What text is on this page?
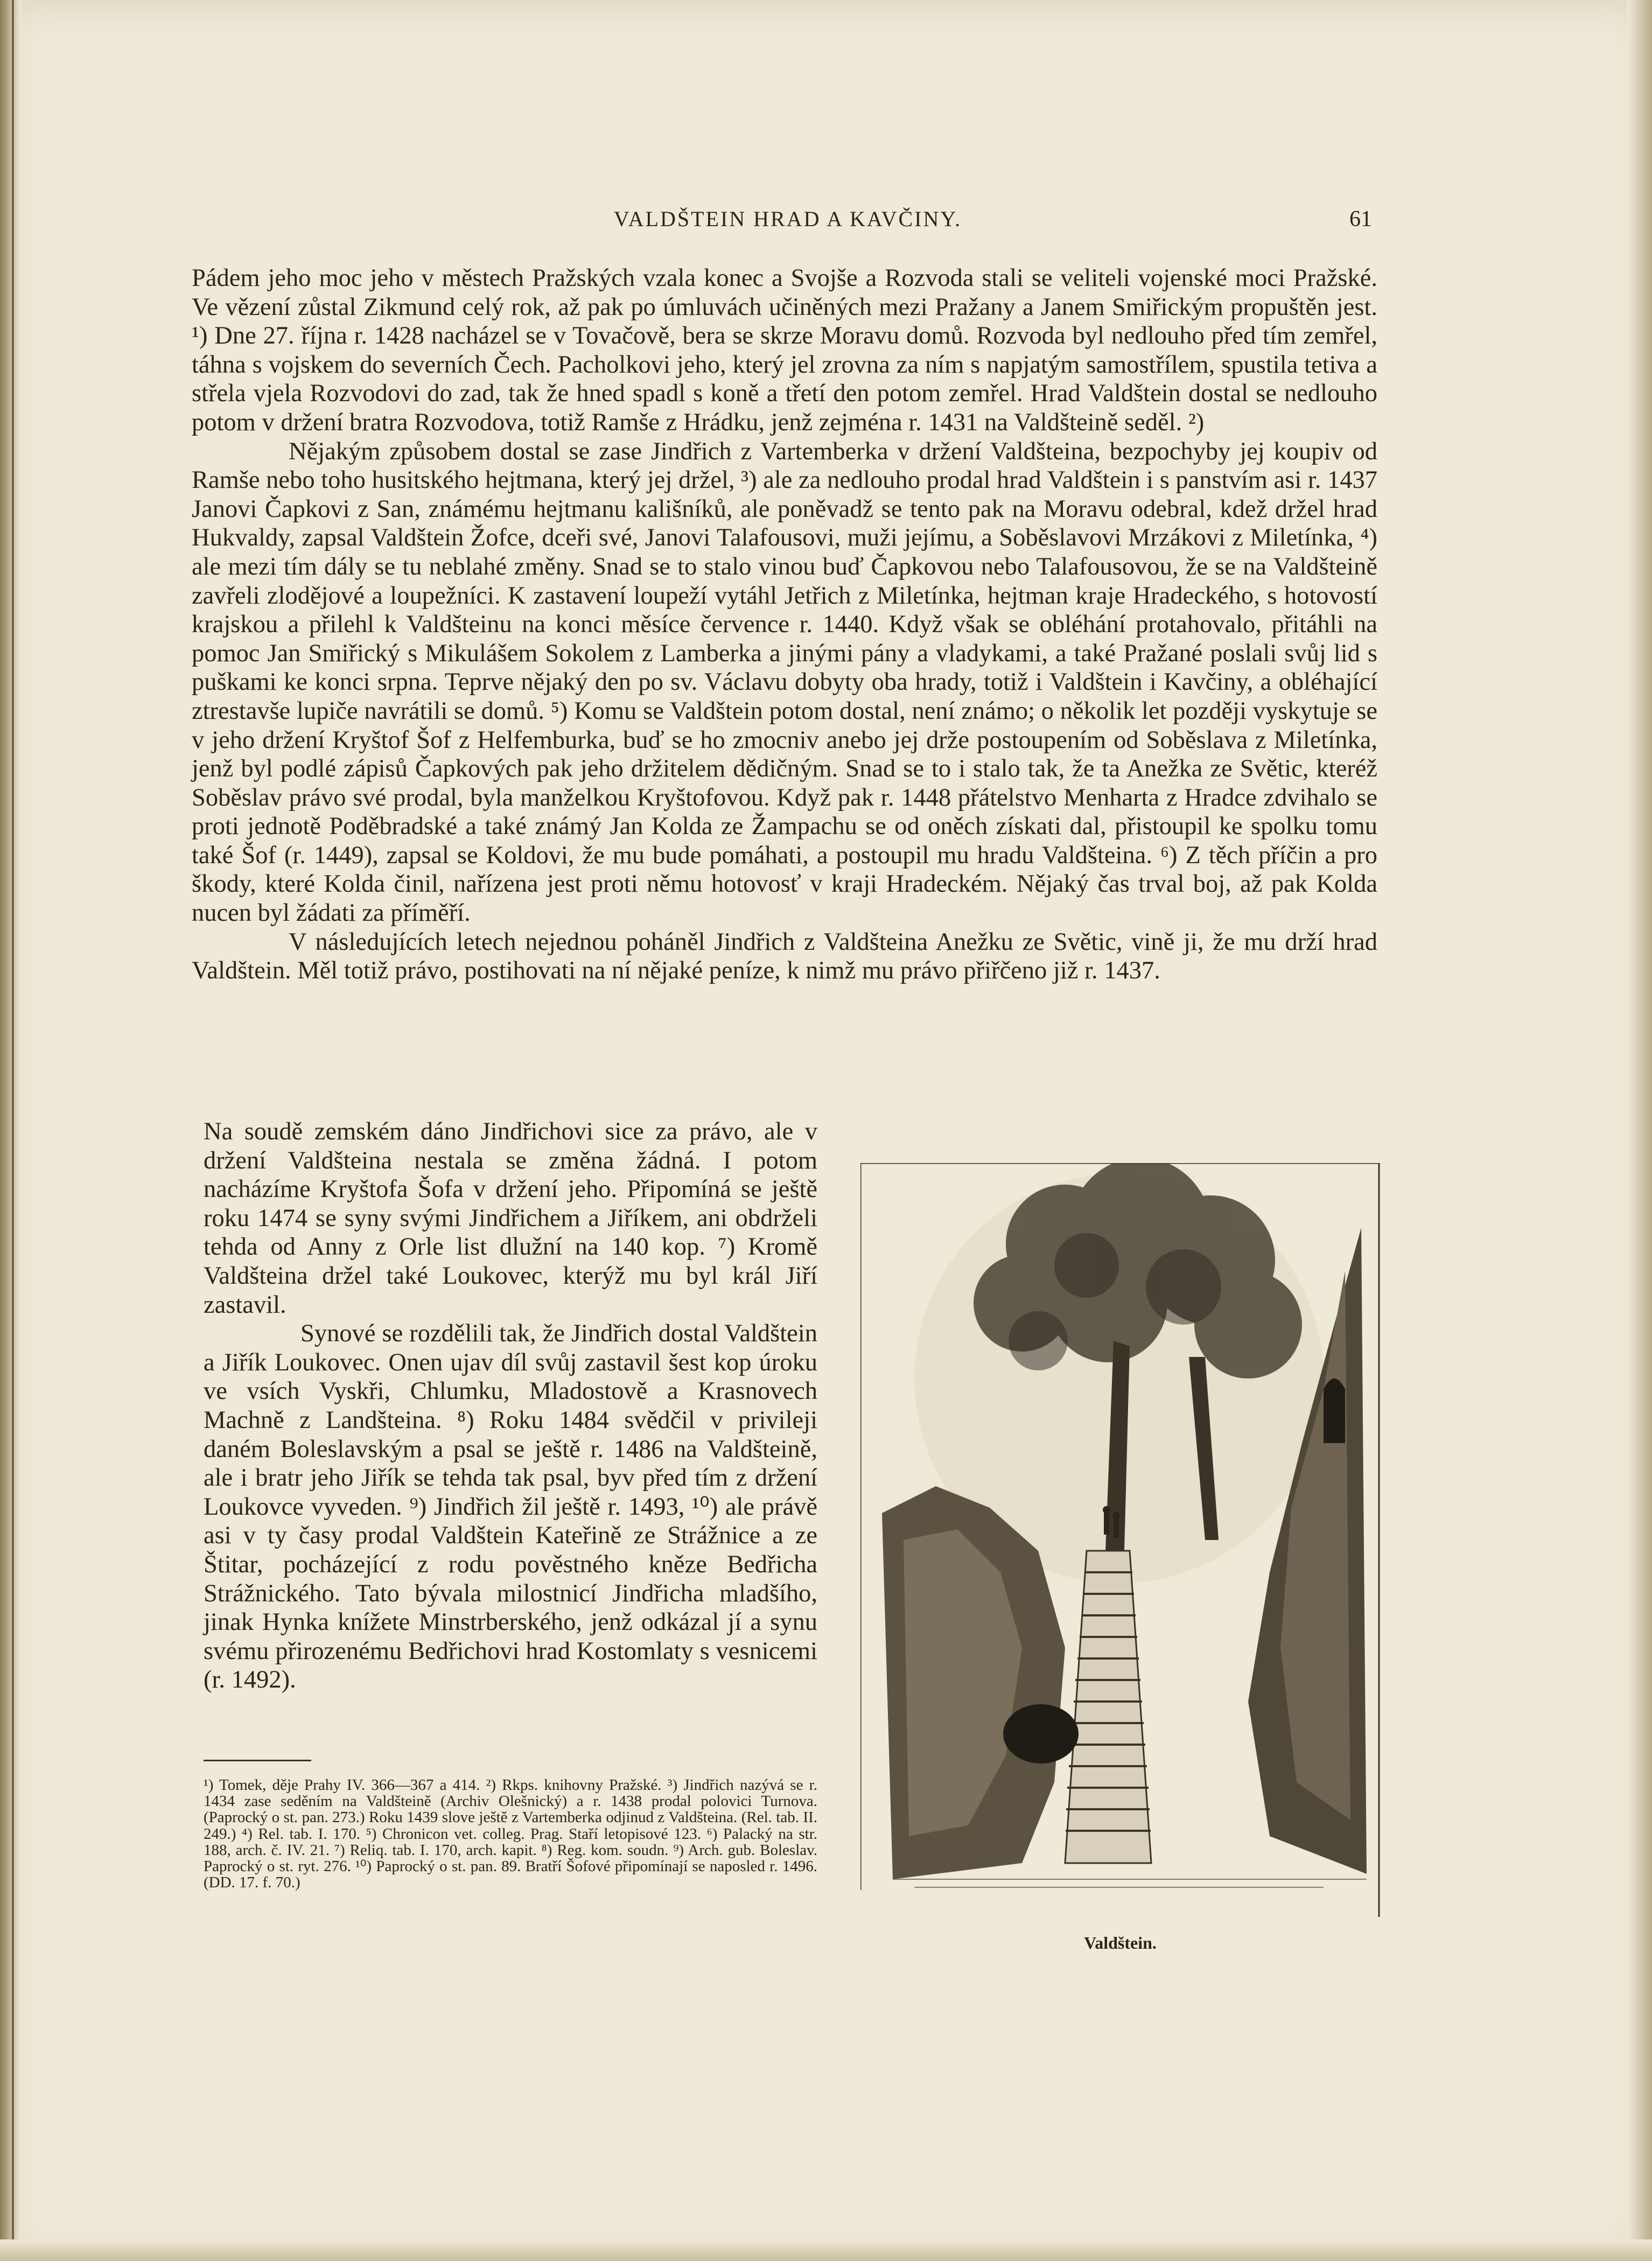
VALDŠTEIN HRAD A KAVČINY.	61

Pádem jeho moc jeho v městech Pražských vzala konec a Svojše a Rozvoda stali se veliteli vojenské moci Pražské. Ve vězení zůstal Zikmund celý rok, až pak po úmluvách učiněných mezi Pražany a Janem Smiřickým propuštěn jest. ¹) Dne 27. října r. 1428 nacházel se v Tovačově, bera se skrze Moravu domů. Rozvoda byl nedlouho před tím zemřel, táhna s vojskem do severních Čech. Pacholkovi jeho, který jel zrovna za ním s napjatým samostřílem, spustila tetiva a střela vjela Rozvodovi do zad, tak že hned spadl s koně a třetí den potom zemřel. Hrad Valdštein dostal se nedlouho potom v držení bratra Rozvodova, totiž Ramše z Hrádku, jenž zejména r. 1431 na Valdšteině seděl. ²)

Nějakým způsobem dostal se zase Jindřich z Vartemberka v držení Valdšteina, bezpochyby jej koupiv od Ramše nebo toho husitského hejtmana, který jej držel, ³) ale za nedlouho prodal hrad Valdštein i s panstvím asi r. 1437 Janovi Čapkovi z San, známému hejtmanu kališníků, ale poněvadž se tento pak na Moravu odebral, kdež držel hrad Hukvaldy, zapsal Valdštein Žofce, dceři své, Janovi Talafousovi, muži jejímu, a Soběslavovi Mrzákovi z Miletínka, ⁴) ale mezi tím dály se tu neblahé změny. Snad se to stalo vinou buď Čapkovou nebo Talafousovou, že se na Valdšteině zavřeli zlodějové a loupežníci. K zastavení loupeží vytáhl Jetřich z Miletínka, hejtman kraje Hradeckého, s hotovostí krajskou a přilehl k Valdšteinu na konci měsíce července r. 1440. Když však se obléhání protahovalo, přitáhli na pomoc Jan Smiřický s Mikulášem Sokolem z Lamberka a jinými pány a vladykami, a také Pražané poslali svůj lid s puškami ke konci srpna. Teprve nějaký den po sv. Václavu dobyty oba hrady, totiž i Valdštein i Kavčiny, a obléhající ztrestavše lupiče navrátili se domů. ⁵) Komu se Valdštein potom dostal, není známo; o několik let později vyskytuje se v jeho držení Kryštof Šof z Helfemburka, buď se ho zmocniv anebo jej drže postoupením od Soběslava z Miletínka, jenž byl podlé zápisů Čapkových pak jeho držitelem dědičným. Snad se to i stalo tak, že ta Anežka ze Světic, kteréž Soběslav právo své prodal, byla manželkou Kryštofovou. Když pak r. 1448 přátelstvo Menharta z Hradce zdvihalo se proti jednotě Poděbradské a také známý Jan Kolda ze Žampachu se od oněch získati dal, přistoupil ke spolku tomu také Šof (r. 1449), zapsal se Koldovi, že mu bude pomáhati, a postoupil mu hradu Valdšteina. ⁶) Z těch příčin a pro škody, které Kolda činil, nařízena jest proti němu hotovosť v kraji Hradeckém. Nějaký čas trval boj, až pak Kolda nucen byl žádati za příměří.

V následujících letech nejednou poháněl Jindřich z Valdšteina Anežku ze Světic, vině ji, že mu drží hrad Valdštein. Měl totiž právo, postihovati na ní nějaké peníze, k nimž mu právo přiřčeno již r. 1437.

Na soudě zemském dáno Jindřichovi sice za právo, ale v držení Valdšteina nestala se změna žádná. I potom nacházíme Kryštofa Šofa v držení jeho. Připomíná se ještě roku 1474 se syny svými Jindřichem a Jiříkem, ani obdrželi tehda od Anny z Orle list dlužní na 140 kop. ⁷) Kromě Valdšteina držel také Loukovec, kterýž mu byl král Jiří zastavil.

Synové se rozdělili tak, že Jindřich dostal Valdštein a Jiřík Loukovec. Onen ujav díl svůj zastavil šest kop úroku ve vsích Vyskři, Chlumku, Mladostově a Krasnovech Machně z Landšteina. ⁸) Roku 1484 svědčil v privileji daném Boleslavským a psal se ještě r. 1486 na Valdšteině, ale i bratr jeho Jiřík se tehda tak psal, byv před tím z držení Loukovce vyveden. ⁹) Jindřich žil ještě r. 1493, ¹⁰) ale právě asi v ty časy prodal Valdštein Kateřině ze Strážnice a ze Štitar, pocházející z rodu pověstného kněze Bedřicha Strážnického. Tato bývala milostnicí Jindřicha mladšího, jinak Hynka knížete Minstrberského, jenž odkázal jí a synu svému přirozenému Bedřichovi hrad Kostomlaty s vesnicemi (r. 1492).

Valdštein.

¹) Tomek, děje Prahy IV. 366—367 a 414. ²) Rkps. knihovny Pražské. ³) Jindřich nazývá se r. 1434 zase seděním na Valdšteině (Archiv Olešnický) a r. 1438 prodal polovici Turnova. (Paprocký o st. pan. 273.) Roku 1439 slove ještě z Vartemberka odjinud z Valdšteina. (Rel. tab. II. 249.) ⁴) Rel. tab. I. 170. ⁵) Chronicon vet. colleg. Prag. Staří letopisové 123. ⁶) Palacký na str. 188, arch. č. IV. 21. ⁷) Reliq. tab. I. 170, arch. kapit. ⁸) Reg. kom. soudn. ⁹) Arch. gub. Boleslav. Paprocký o st. ryt. 276. ¹⁰) Paprocký o st. pan. 89. Bratří Šofové připomínají se naposled r. 1496. (DD. 17. f. 70.)
